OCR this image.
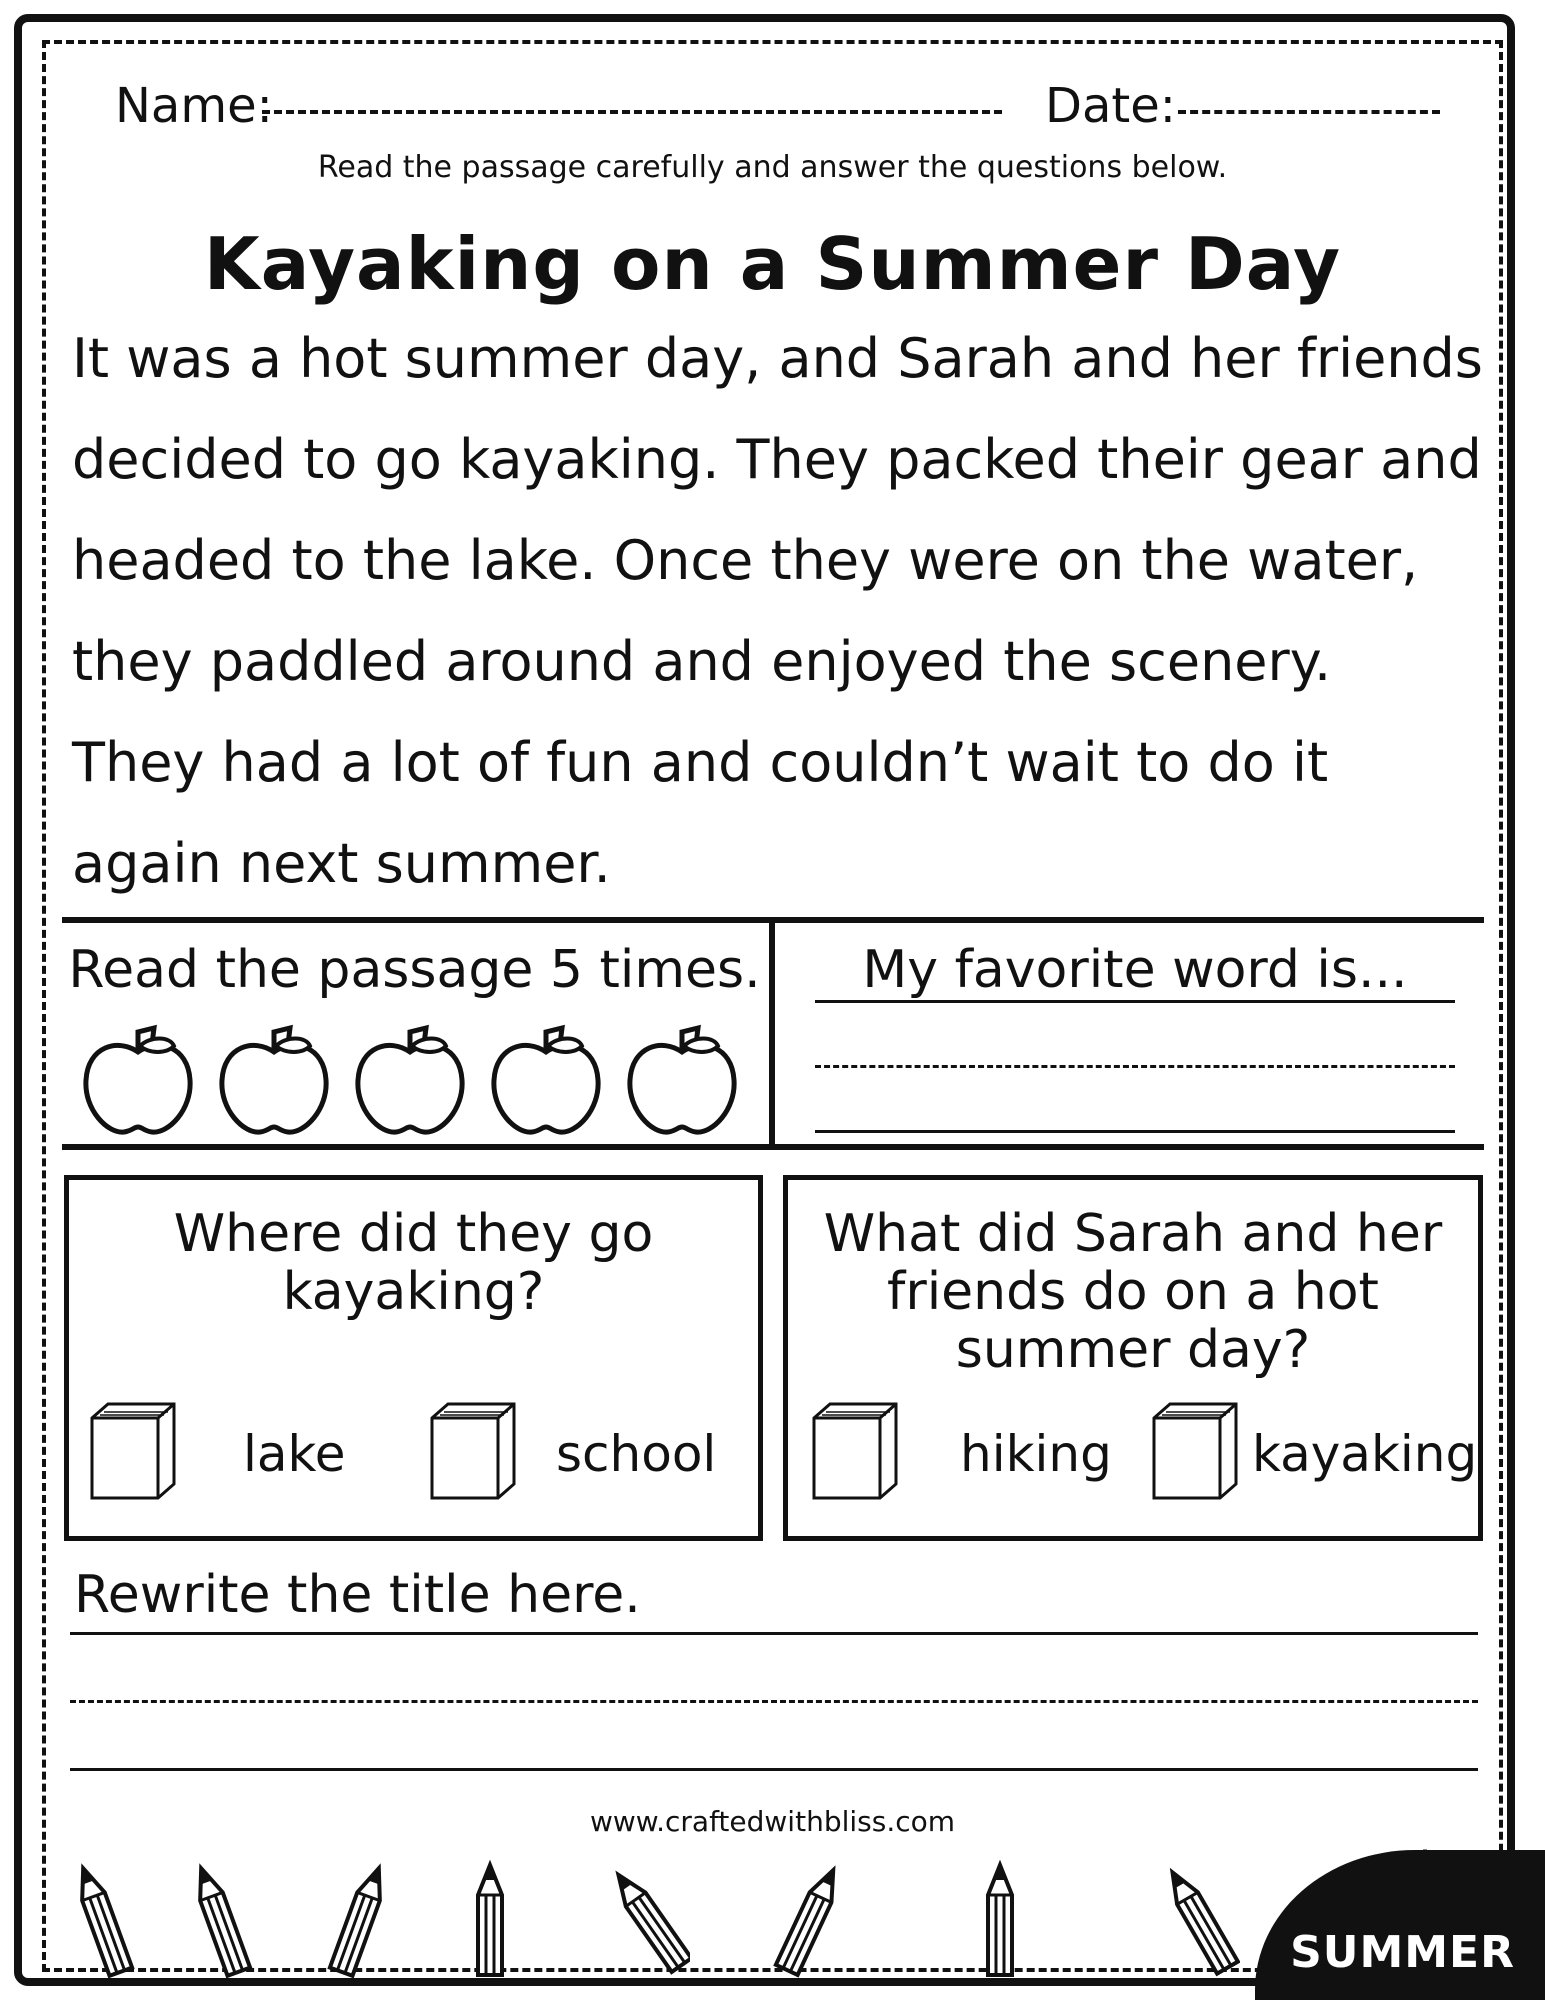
Name:	Date:
Read the passage carefully and answer the questions below.
Kayaking on a Summer Day

It was a hot summer day, and Sarah and her friends

decided to go kayaking. They packed their gear and

headed to the lake. Once they were on the water,

they paddled around and enjoyed the scenery.

They had a lot of fun and couldn’t wait to do it

again next summer.

Read the passage 5 times.	My favorite word is...
Where did they go
kayaking?
lake	school
What did Sarah and her
friends do on a hot
summer day?
hiking	kayaking
Rewrite the title here.
www.craftedwithbliss.com
SUMMER
